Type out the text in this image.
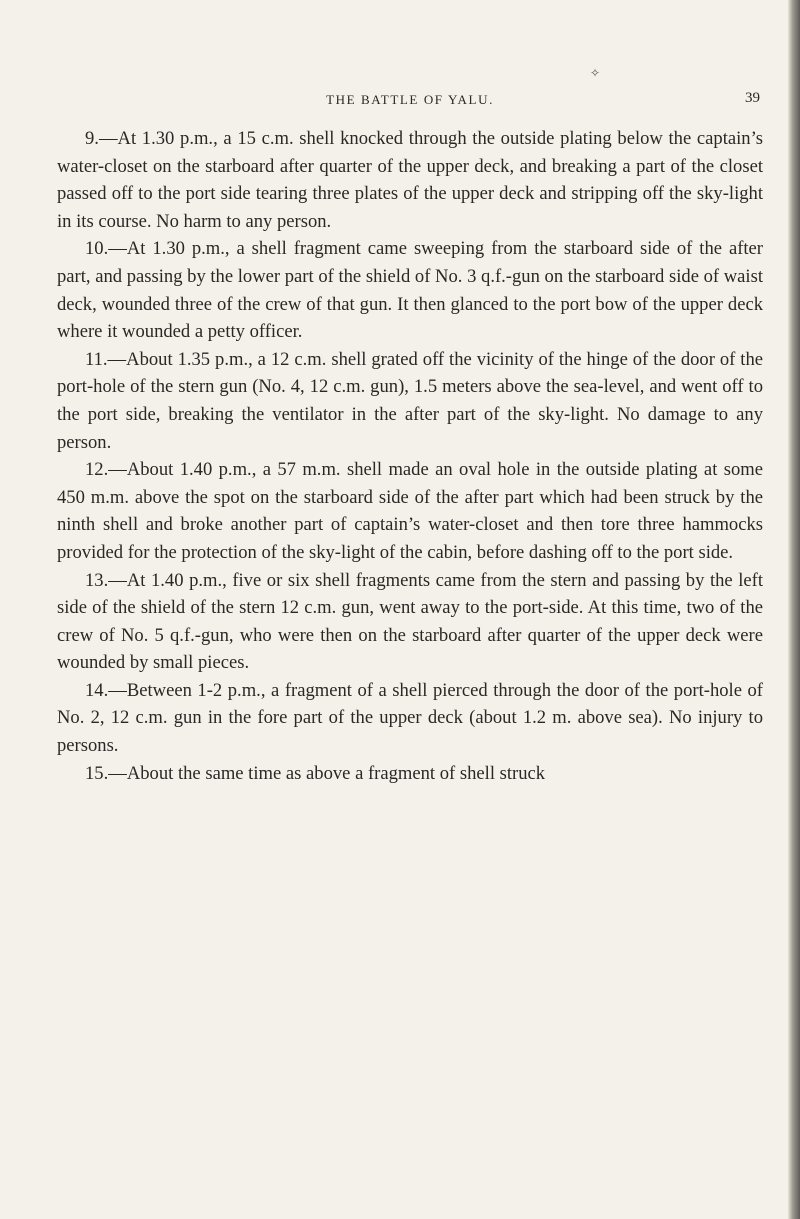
✧
THE BATTLE OF YALU.	39

9.—At 1.30 p.m., a 15 c.m. shell knocked through the outside plating below the captain’s water-closet on the starboard after quarter of the upper deck, and breaking a part of the closet passed off to the port side tearing three plates of the upper deck and stripping off the sky-light in its course. No harm to any person.

10.—At 1.30 p.m., a shell fragment came sweeping from the starboard side of the after part, and passing by the lower part of the shield of No. 3 q.f.-gun on the starboard side of waist deck, wounded three of the crew of that gun. It then glanced to the port bow of the upper deck where it wounded a petty officer.

11.—About 1.35 p.m., a 12 c.m. shell grated off the vicinity of the hinge of the door of the port-hole of the stern gun (No. 4, 12 c.m. gun), 1.5 meters above the sea-level, and went off to the port side, breaking the ventilator in the after part of the sky-light. No damage to any person.

12.—About 1.40 p.m., a 57 m.m. shell made an oval hole in the outside plating at some 450 m.m. above the spot on the starboard side of the after part which had been struck by the ninth shell and broke another part of captain’s water-closet and then tore three hammocks provided for the protection of the sky-light of the cabin, before dashing off to the port side.

13.—At 1.40 p.m., five or six shell fragments came from the stern and passing by the left side of the shield of the stern 12 c.m. gun, went away to the port-side. At this time, two of the crew of No. 5 q.f.-gun, who were then on the starboard after quarter of the upper deck were wounded by small pieces.

14.—Between 1-2 p.m., a fragment of a shell pierced through the door of the port-hole of No. 2, 12 c.m. gun in the fore part of the upper deck (about 1.2 m. above sea). No injury to persons.

15.—About the same time as above a fragment of shell struck
